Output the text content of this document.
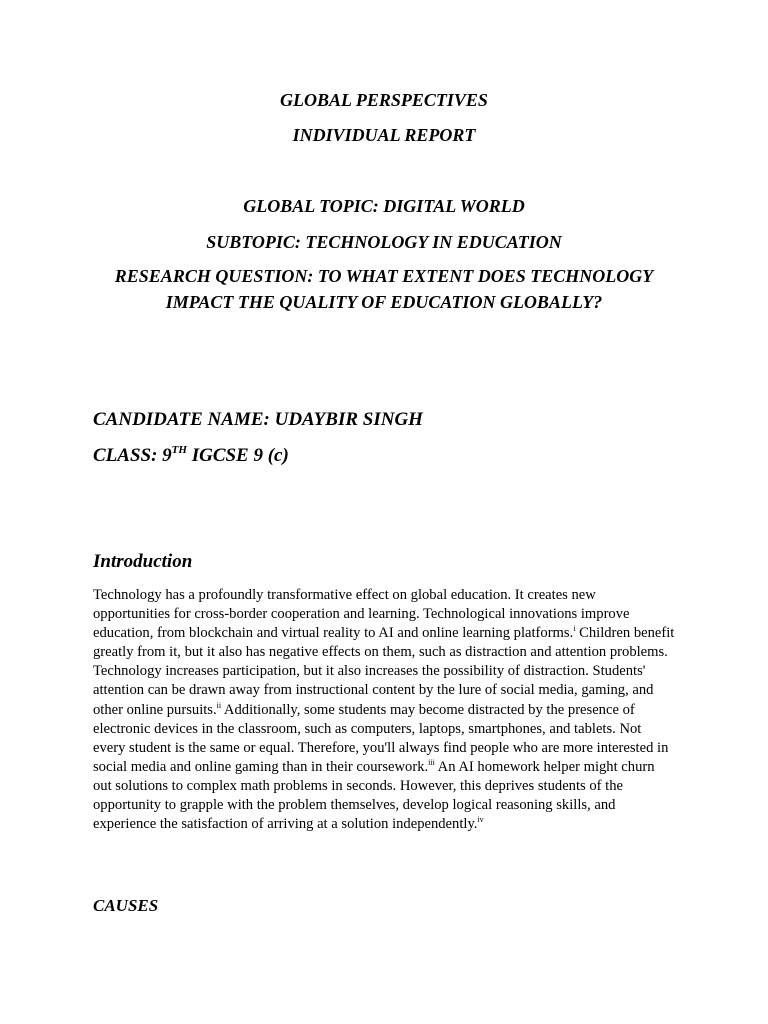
GLOBAL PERSPECTIVES
INDIVIDUAL REPORT
GLOBAL TOPIC: DIGITAL WORLD
SUBTOPIC: TECHNOLOGY IN EDUCATION
RESEARCH QUESTION: TO WHAT EXTENT DOES TECHNOLOGY IMPACT THE QUALITY OF EDUCATION GLOBALLY?
CANDIDATE NAME: UDAYBIR SINGH
CLASS: 9TH IGCSE 9 (c)
Introduction
Technology has a profoundly transformative effect on global education. It creates new opportunities for cross-border cooperation and learning. Technological innovations improve education, from blockchain and virtual reality to AI and online learning platforms.$^i$ Children benefit greatly from it, but it also has negative effects on them, such as distraction and attention problems. Technology increases participation, but it also increases the possibility of distraction. Students' attention can be drawn away from instructional content by the lure of social media, gaming, and other online pursuits.$^{ii}$ Additionally, some students may become distracted by the presence of electronic devices in the classroom, such as computers, laptops, smartphones, and tablets. Not every student is the same or equal. Therefore, you'll always find people who are more interested in social media and online gaming than in their coursework.$^{iii}$ An AI homework helper might churn out solutions to complex math problems in seconds. However, this deprives students of the opportunity to grapple with the problem themselves, develop logical reasoning skills, and experience the satisfaction of arriving at a solution independently.$^{iv}$
CAUSES
